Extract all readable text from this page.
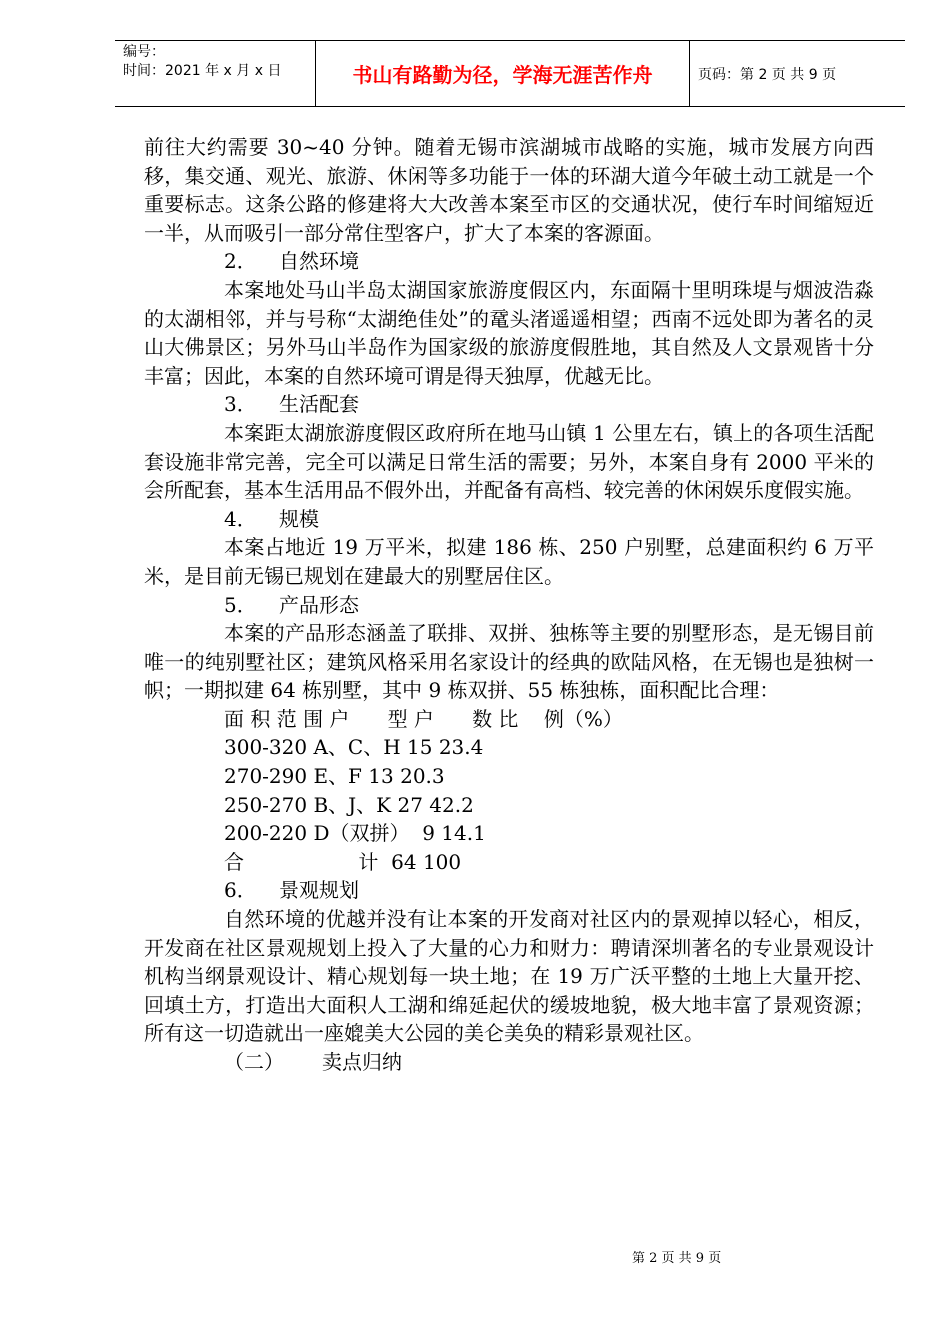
编号：
时间：2021 年 x 月 x 日	书山有路勤为径，学海无涯苦作舟	页码：第 2 页 共 9 页

前往大约需要 30~40 分钟。随着无锡市滨湖城市战略的实施，城市发展方向西移，集交通、观光、旅游、休闲等多功能于一体的环湖大道今年破土动工就是一个重要标志。这条公路的修建将大大改善本案至市区的交通状况，使行车时间缩短近一半，从而吸引一部分常住型客户，扩大了本案的客源面。

2． 自然环境

本案地处马山半岛太湖国家旅游度假区内，东面隔十里明珠堤与烟波浩淼的太湖相邻，并与号称“太湖绝佳处”的鼋头渚遥遥相望；西南不远处即为著名的灵山大佛景区；另外马山半岛作为国家级的旅游度假胜地，其自然及人文景观皆十分丰富；因此，本案的自然环境可谓是得天独厚，优越无比。

3． 生活配套

本案距太湖旅游度假区政府所在地马山镇 1 公里左右，镇上的各项生活配套设施非常完善，完全可以满足日常生活的需要；另外，本案自身有 2000 平米的会所配套，基本生活用品不假外出，并配备有高档、较完善的休闲娱乐度假实施。

4． 规模

本案占地近 19 万平米，拟建 186 栋、250 户别墅，总建面积约 6 万平米，是目前无锡已规划在建最大的别墅居住区。

5． 产品形态

本案的产品形态涵盖了联排、双拼、独栋等主要的别墅形态，是无锡目前唯一的纯别墅社区；建筑风格采用名家设计的经典的欧陆风格，在无锡也是独树一帜；一期拟建 64 栋别墅，其中 9 栋双拼、55 栋独栋，面积配比合理：

面 积 范 围 户      型 户      数 比    例（%）

300-320 A、C、H 15 23.4

270-290 E、F 13 20.3

250-270 B、J、K 27 42.2

200-220 D（双拼）  9 14.1

合                  计  64 100

6． 景观规划

自然环境的优越并没有让本案的开发商对社区内的景观掉以轻心，相反，开发商在社区景观规划上投入了大量的心力和财力：聘请深圳著名的专业景观设计机构当纲景观设计、精心规划每一块土地；在 19 万广沃平整的土地上大量开挖、回填土方，打造出大面积人工湖和绵延起伏的缓坡地貌，极大地丰富了景观资源；所有这一切造就出一座媲美大公园的美仑美奂的精彩景观社区。

（二） 卖点归纳

第 2 页 共 9 页
